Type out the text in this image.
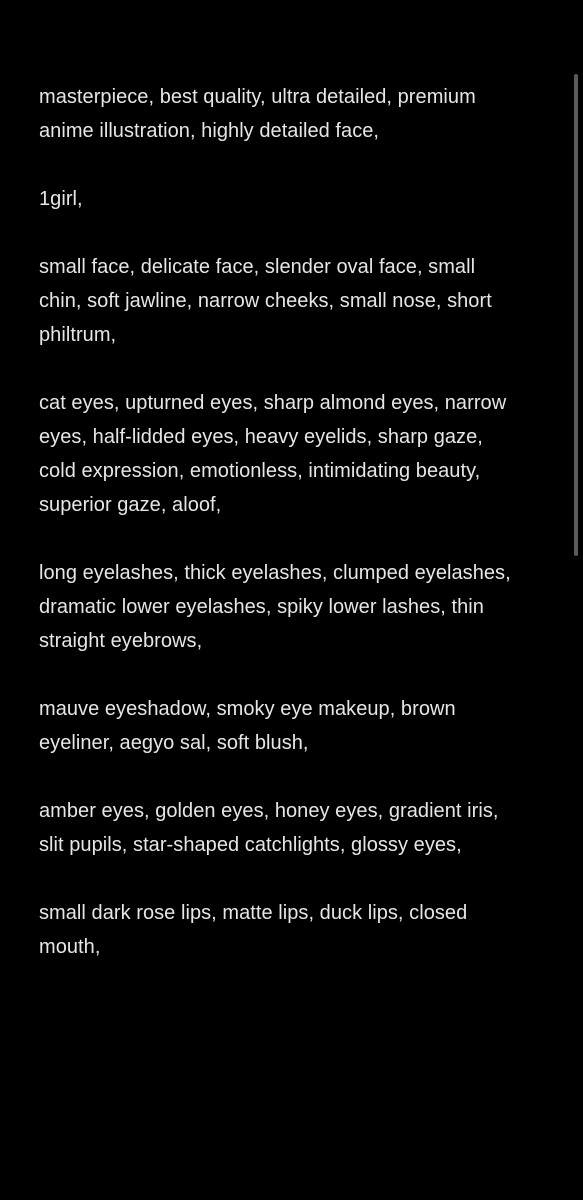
masterpiece, best quality, ultra detailed, premium
anime illustration, highly detailed face,

1girl,

small face, delicate face, slender oval face, small
chin, soft jawline, narrow cheeks, small nose, short
philtrum,

cat eyes, upturned eyes, sharp almond eyes, narrow
eyes, half-lidded eyes, heavy eyelids, sharp gaze,
cold expression, emotionless, intimidating beauty,
superior gaze, aloof,

long eyelashes, thick eyelashes, clumped eyelashes,
dramatic lower eyelashes, spiky lower lashes, thin
straight eyebrows,

mauve eyeshadow, smoky eye makeup, brown
eyeliner, aegyo sal, soft blush,

amber eyes, golden eyes, honey eyes, gradient iris,
slit pupils, star-shaped catchlights, glossy eyes,

small dark rose lips, matte lips, duck lips, closed
mouth,
